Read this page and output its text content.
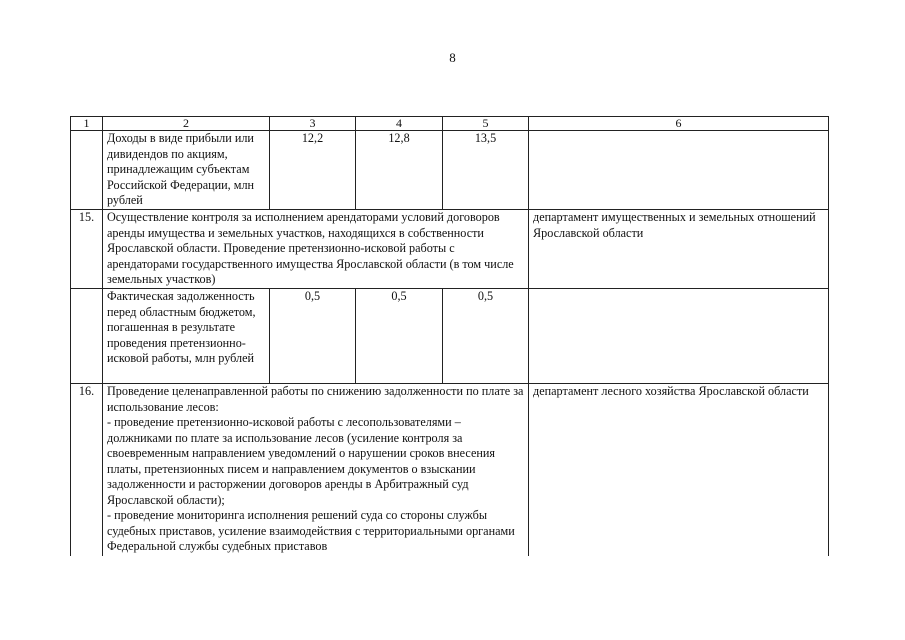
8
1	2	3	4	5	6
	Доходы в виде прибыли или дивидендов по акциям, принадлежащим субъектам Российской Федерации, млн рублей	12,2	12,8	13,5	
15.	Осуществление контроля за исполнением арендаторами условий договоров аренды имущества и земельных участков, находящихся в собственности Ярославской области. Проведение претензионно-исковой работы с арендаторами государственного имущества Ярославской области (в том числе земельных участков)				департамент имущественных и земельных отношений Ярославской области
	Фактическая задолженность перед областным бюджетом, погашенная в результате проведения претензионно-исковой работы, млн рублей	0,5	0,5	0,5	
16.	Проведение целенаправленной работы по снижению задолженности по плате за использование лесов:
- проведение претензионно-исковой работы с лесопользователями – должниками по плате за использование лесов (усиление контроля за своевременным направлением уведомлений о нарушении сроков внесения платы, претензионных писем и направлением документов о взыскании задолженности и расторжении договоров аренды в Арбитражный суд Ярославской области);
- проведение мониторинга исполнения решений суда со стороны службы судебных приставов, усиление взаимодействия с территориальными органами Федеральной службы судебных приставов				департамент лесного хозяйства Ярославской области
